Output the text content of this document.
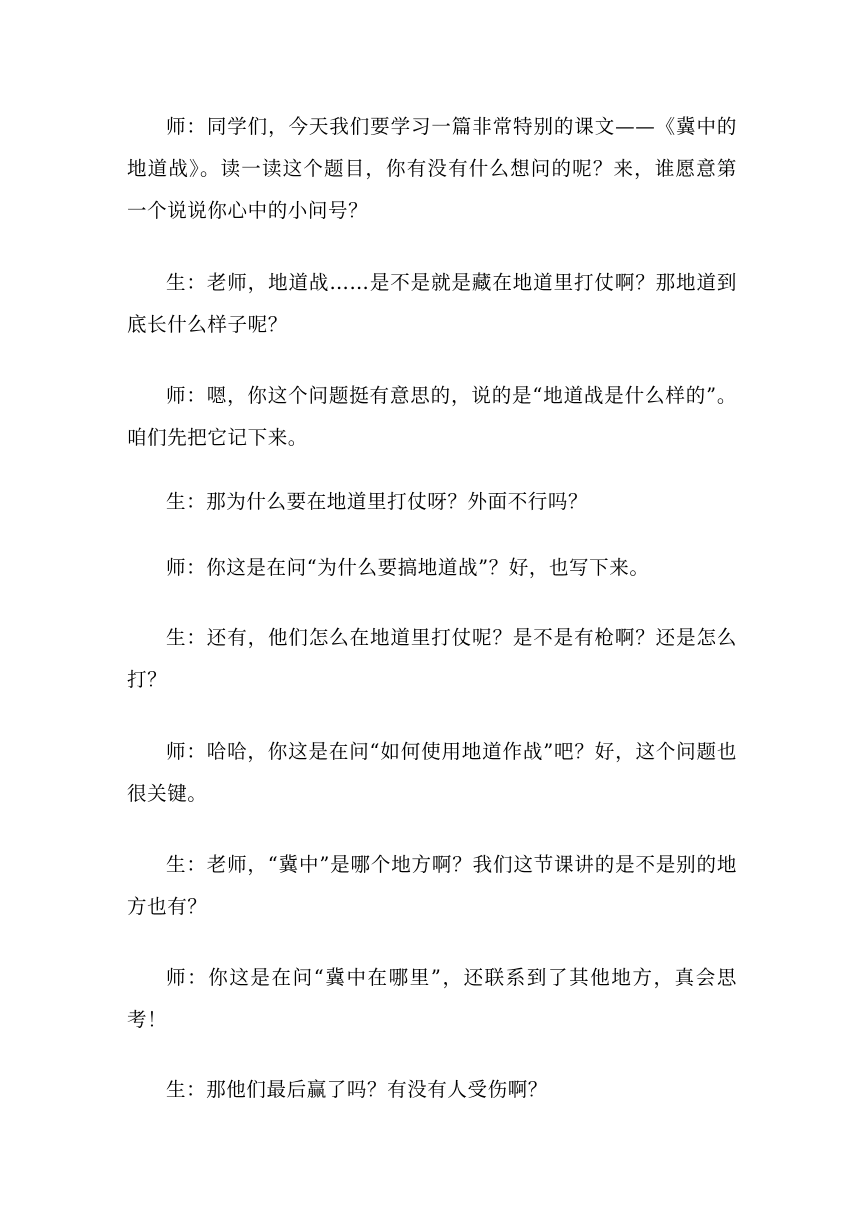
师：同学们，今天我们要学习一篇非常特别的课文——《冀中的地道战》。读一读这个题目，你有没有什么想问的呢？来，谁愿意第一个说说你心中的小问号？

生：老师，地道战……是不是就是藏在地道里打仗啊？那地道到底长什么样子呢？

师：嗯，你这个问题挺有意思的，说的是“地道战是什么样的”。咱们先把它记下来。

生：那为什么要在地道里打仗呀？外面不行吗？

师：你这是在问“为什么要搞地道战”？好，也写下来。

生：还有，他们怎么在地道里打仗呢？是不是有枪啊？还是怎么打？

师：哈哈，你这是在问“如何使用地道作战”吧？好，这个问题也很关键。

生：老师，“冀中”是哪个地方啊？我们这节课讲的是不是别的地方也有？

师：你这是在问“冀中在哪里”，还联系到了其他地方，真会思考！

生：那他们最后赢了吗？有没有人受伤啊？
